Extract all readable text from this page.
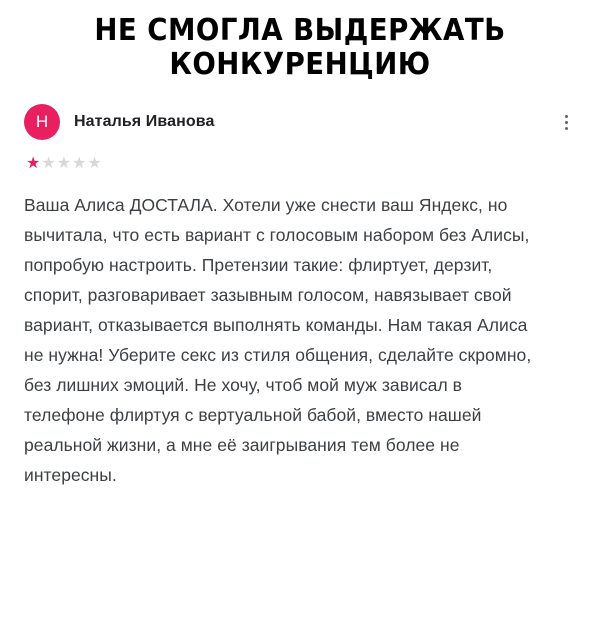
НЕ СМОГЛА ВЫДЕРЖАТЬ
КОНКУРЕНЦИЮ
Н	Наталья Иванова
★ ★ ★ ★ ★
Ваша Алиса ДОСТАЛА. Хотели уже снести ваш Яндекс, но вычитала, что есть вариант с голосовым набором без Алисы, попробую настроить. Претензии такие: флиртует, дерзит, спорит, разговаривает зазывным голосом, навязывает свой вариант, отказывается выполнять команды. Нам такая Алиса не нужна! Уберите секс из стиля общения, сделайте скромно, без лишних эмоций. Не хочу, чтоб мой муж зависал в телефоне флиртуя с вертуальной бабой, вместо нашей реальной жизни, а мне её заигрывания тем более не интересны.
